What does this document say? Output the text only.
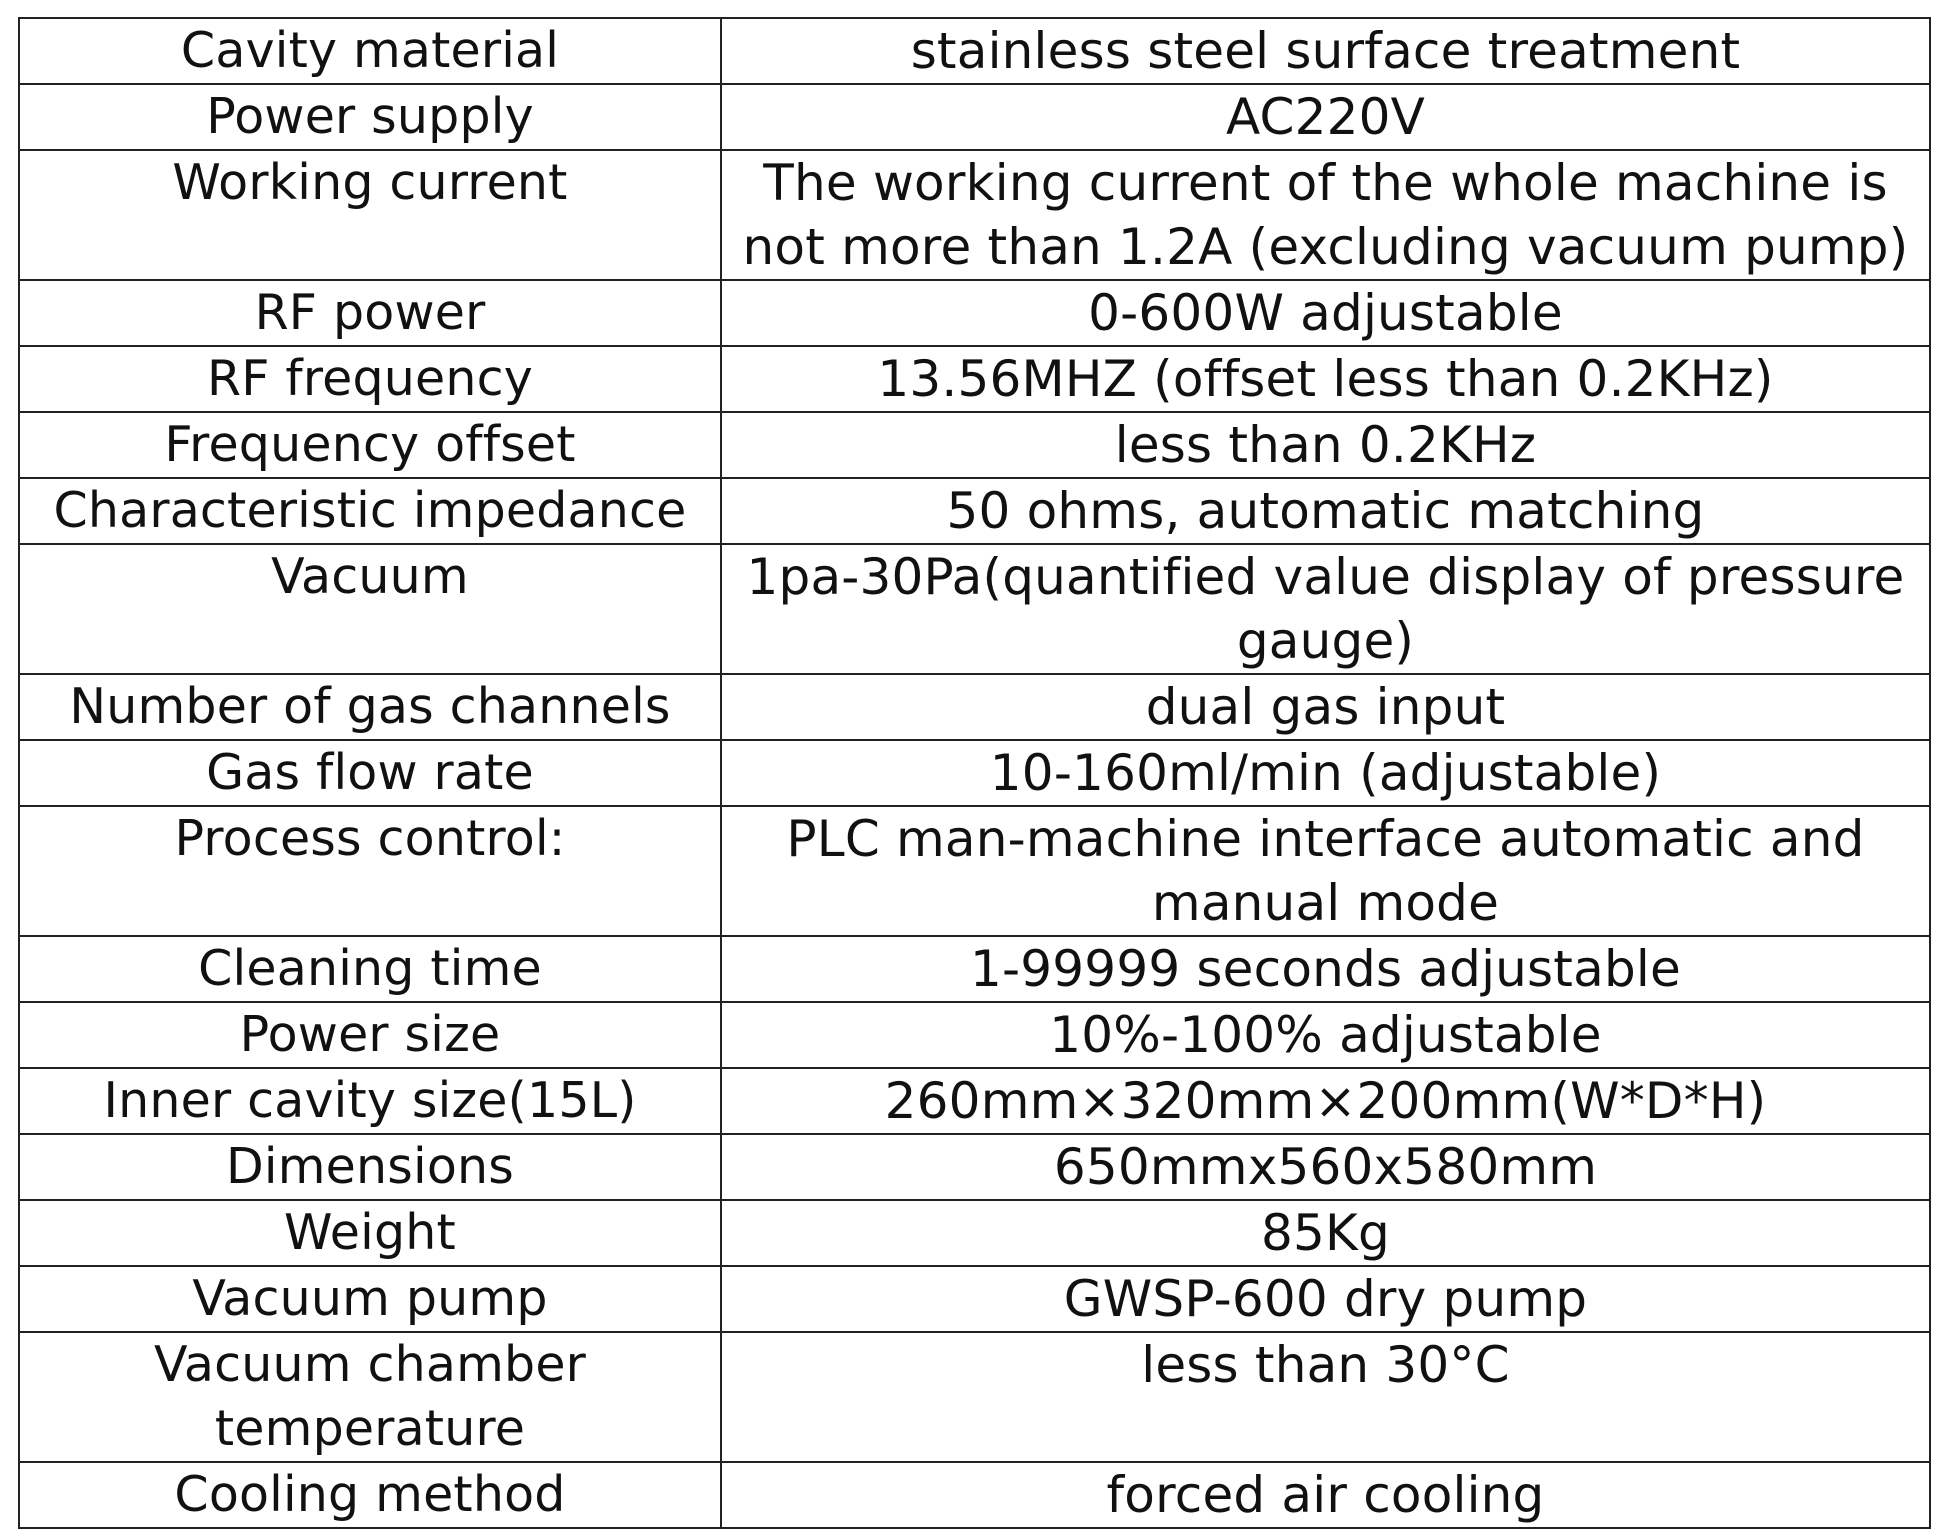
Cavity material	stainless steel surface treatment
Power supply	AC220V
Working current	The working current of the whole machine is not more than 1.2A (excluding vacuum pump)
RF power	0-600W adjustable
RF frequency	13.56MHZ (offset less than 0.2KHz)
Frequency offset	less than 0.2KHz
Characteristic impedance	50 ohms, automatic matching
Vacuum	1pa-30Pa(quantified value display of pressure gauge)
Number of gas channels	dual gas input
Gas flow rate	10-160ml/min (adjustable)
Process control:	PLC man-machine interface automatic and manual mode
Cleaning time	1-99999 seconds adjustable
Power size	10%-100% adjustable
Inner cavity size(15L)	260mm×320mm×200mm(W*D*H)
Dimensions	650mmx560x580mm
Weight	85Kg
Vacuum pump	GWSP-600 dry pump
Vacuum chamber temperature	less than 30°C
Cooling method	forced air cooling
